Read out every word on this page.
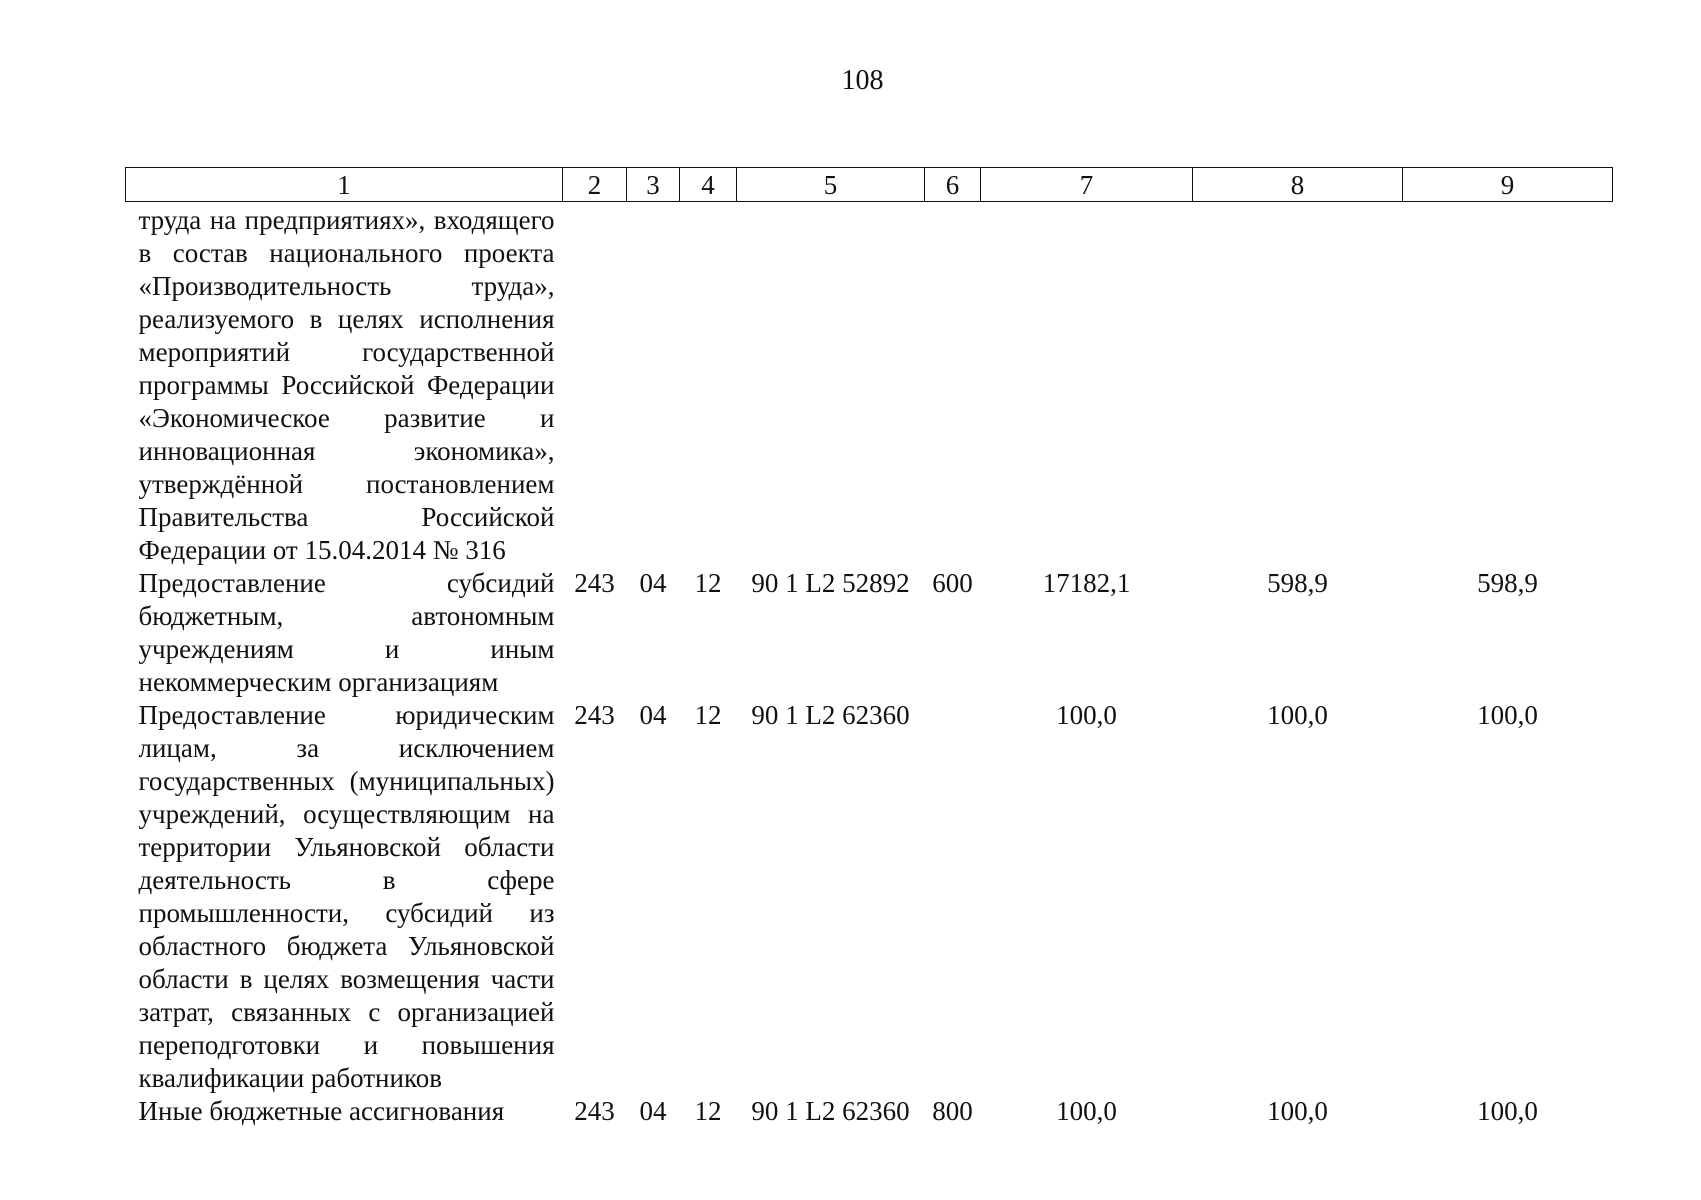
108
1	2	3	4	5	6	7	8	9
труда на предприятиях», входящего в состав национального проекта «Производительность труда», реализуемого в целях исполнения мероприятий государственной программы Российской Федерации «Экономическое развитие и инновационная экономика», утверждённой постановлением Правительства Российской Федерации от 15.04.2014 № 316								
Предоставление субсидий бюджетным, автономным учреждениям и иным некоммерческим организациям	243	04	12	90 1 L2 52892	600	17182,1	598,9	598,9
Предоставление юридическим лицам, за исключением государственных (муниципальных) учреждений, осуществляющим на территории Ульяновской области деятельность в сфере промышленности, субсидий из областного бюджета Ульяновской области в целях возмещения части затрат, связанных с организацией переподготовки и повышения квалификации работников	243	04	12	90 1 L2 62360		100,0	100,0	100,0
Иные бюджетные ассигнования	243	04	12	90 1 L2 62360	800	100,0	100,0	100,0
